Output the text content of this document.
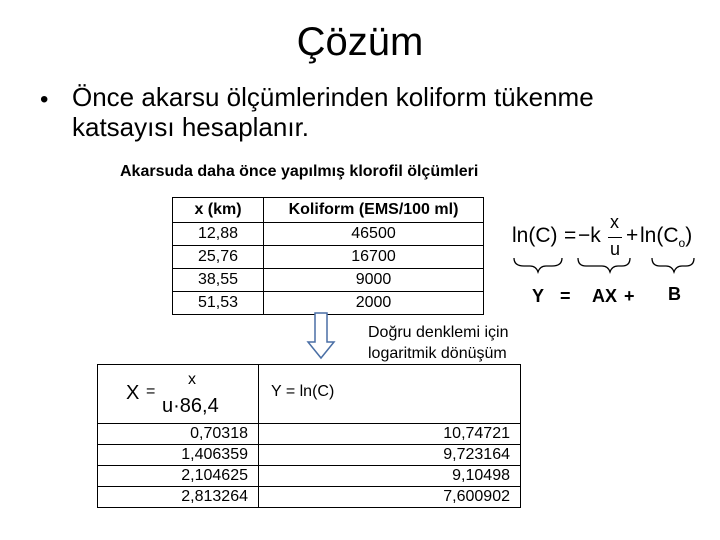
Çözüm
• Önce akarsu ölçümlerinden koliform tükenme katsayısı hesaplanır.
Akarsuda daha önce yapılmış klorofil ölçümleri
x (km)	Koliform (EMS/100 ml)
12,88	46500
25,76	16700
38,55	9000
51,53	2000
ln(C) = −k
x
u
+ $\ln(C_o)$
Y = AX + B
Doğru denklemi için
logaritmik dönüşüm
X =
x
u·86,4	Y = ln(C)

0,70318	10,74721
1,406359	9,723164
2,104625	9,10498
2,813264	7,600902
